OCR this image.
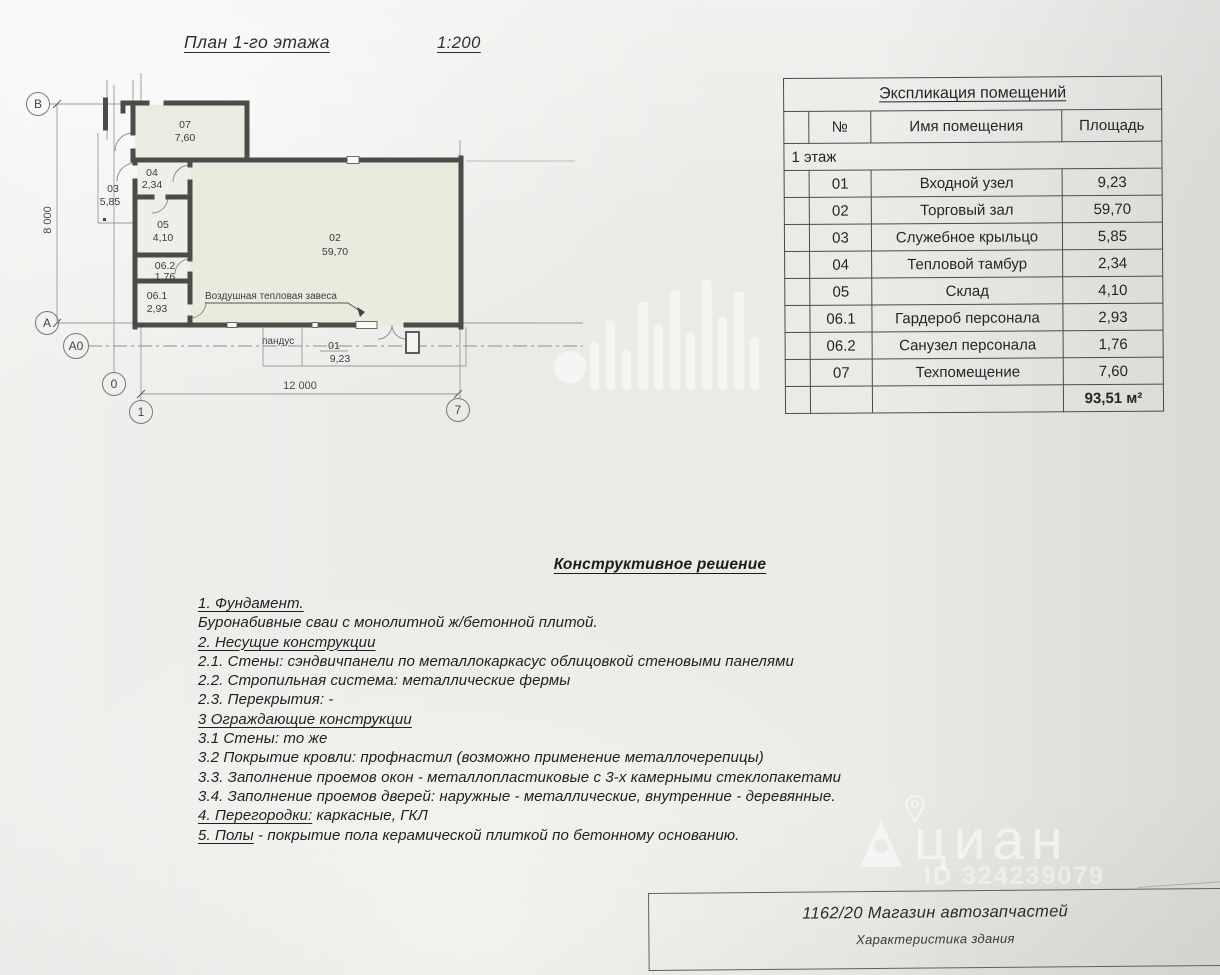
План 1-го этажа	1:200
В
А
А0
0
1	7
12 000
8 000
07
7,60
04
2,34
03
5,85
05
4,10
06.2
1,76
06.1
2,93
02
59,70
01
9,23
Воздушная тепловая завеса
пандус
Экспликация помещений			
	№	Имя помещения	Площадь
1 этаж			
	01	Входной узел	9,23
	02	Торговый зал	59,70
	03	Служебное крыльцо	5,85
	04	Тепловой тамбур	2,34
	05	Склад	4,10
	06.1	Гардероб персонала	2,93
	06.2	Санузел персонала	1,76
	07	Техпомещение	7,60
			93,51 м²
Конструктивное решение
1. Фундамент.
Буронабивные сваи с монолитной ж/бетонной плитой.
2. Несущие конструкции
2.1. Стены: сэндвичпанели по металлокаркасус облицовкой стеновыми панелями
2.2. Стропильная система: металлические фермы
2.3. Перекрытия: -
3 Ограждающие конструкции
3.1 Стены: то же
3.2 Покрытие кровли: профнастил (возможно применение металлочерепицы)
3.3. Заполнение проемов окон - металлопластиковые с 3-х камерными стеклопакетами
3.4. Заполнение проемов дверей: наружные - металлические, внутренние - деревянные.
4. Перегородки: каркасные, ГКЛ
5. Полы - покрытие пола керамической плиткой по бетонному основанию.	циан
ID 324239079
1162/20 Магазин автозапчастей
Характеристика здания
